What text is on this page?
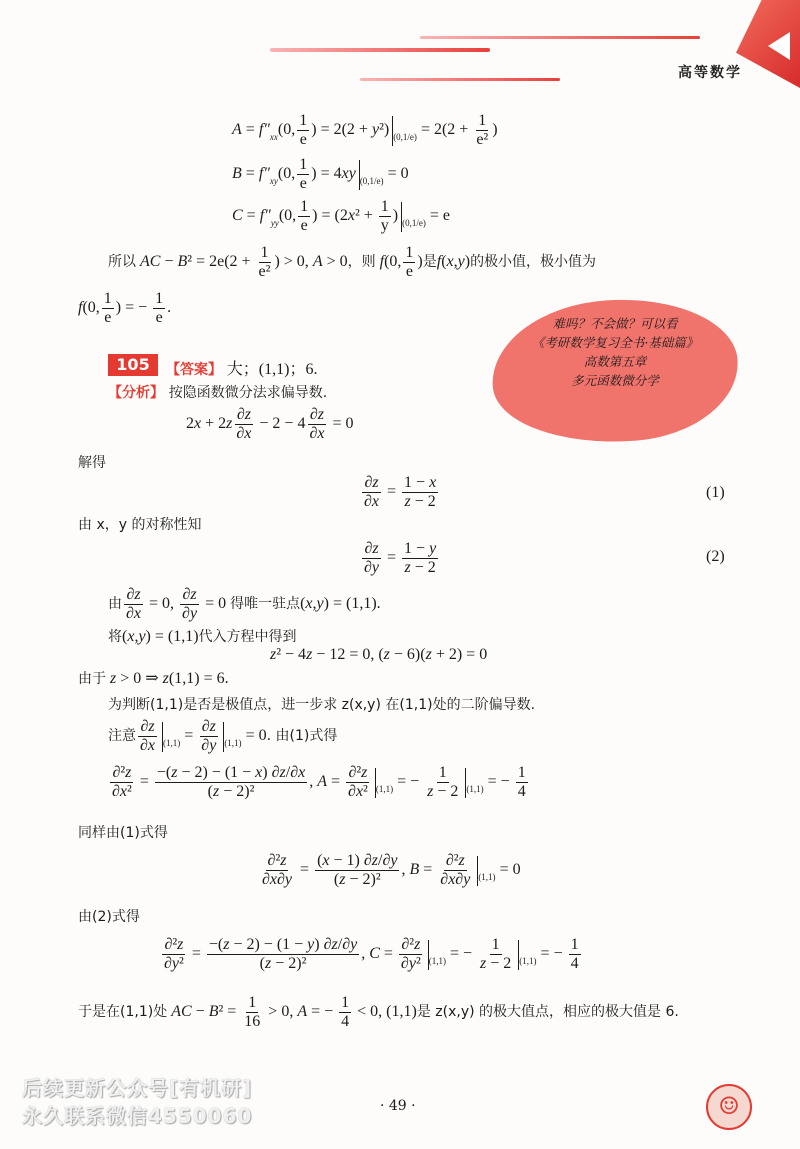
高等数学
$A = f''_{xx}(0$, $\frac{1}{e}$ ) = 2(2 + y²) $_{(0,1/e)} = 2(2 + \frac{1}{\text{e²}}$ )
$B = f''_{xy}(0$, $\frac{1}{e}$ ) = 4xy $_{(0,1/e)}$ = 0
$C = f''_{yy}(0$, $\frac{1}{e}$ ) = ($2x^2 + \frac{1}{y}$ ) $_{(0,1/e)}$ = e
所以 AC − $B^2 = 2e(2 + \frac{1}{\text{e²}}$ ) > 0, A > 0，则 f(0, $\frac{1}{e}$ )是f(x,y)的极小值，极小值为
f(0, $\frac{1}{e}$ ) = − $\frac{1}{e}$ .
难吗？不会做？可以看
《考研数学复习全书·基础篇》
高数第五章
多元函数微分学
105	【答案】 大；(1,1)；6.
【分析】 按隐函数微分法求偏导数.
$2x + 2z \frac{\partial z}{\partial x} - 2 - 4 \frac{\partial z}{\partial x} = 0$
解得
$\frac{\partial z}{\partial x} = \frac{1 - x}{z - 2}$	(1)
由 x，y 的对称性知
$\frac{\partial z}{\partial y} = \frac{1 - y}{z - 2}$	(2)
由 $\frac{\partial z}{\partial x} = 0$, $\frac{\partial z}{\partial y} = 0$ 得唯一驻点(x,y) = (1,1).
将(x,y) = (1,1)代入方程中得到
z² − 4z − 12 = 0, (z − 6)(z + 2) = 0
由于 z > 0 ⇒ z(1,1) = 6.
为判断(1,1)是否是极值点，进一步求 z(x,y) 在(1,1)处的二阶偏导数.
注意 $\frac{\partial z}{\partial x} _{(1,1)} = \frac{\partial z}{\partial y} _{(1,1)} = 0$. 由(1)式得
$\frac{\text{∂²z}}{\text{∂x²}} = \frac{-(z - 2) - (1 - x) \partial z/\partial x}{\text{(z − 2)²}}$ , $A = \frac{\text{∂²z}}{\text{∂x²}} _{(1,1)}$ = − $\frac{1}{z - 2} _{(1,1)}$ = − $\frac{1}{4}$
同样由(1)式得
$\frac{\text{∂²z}}{\partial x\partial y} = \frac{(x - 1) \partial z/\partial y}{\text{(z − 2)²}}$ , $B = \frac{\text{∂²z}}{\partial x\partial y} _{(1,1)} = 0$
由(2)式得
$\frac{\text{∂²z}}{\text{∂y²}} = \frac{-(z - 2) - (1 - y) \partial z/\partial y}{\text{(z − 2)²}}$ , $C = \frac{\text{∂²z}}{\text{∂y²}} _{(1,1)}$ = − $\frac{1}{z - 2} _{(1,1)}$ = − $\frac{1}{4}$
于是在(1,1)处 AC − $B^2 = \frac{1}{16} > 0$, A = − $\frac{1}{4} < 0$, (1,1)是 z(x,y) 的极大值点，相应的极大值是 6.
后续更新公众号[有机研]
永久联系微信4550060	· 49 ·	☺
